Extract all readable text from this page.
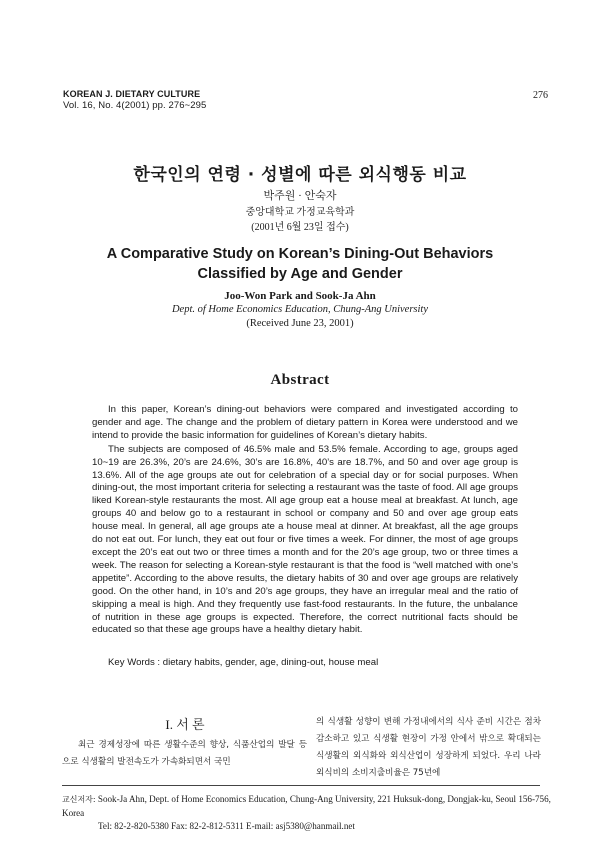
KOREAN J. DIETARY CULTURE
Vol. 16, No. 4(2001) pp. 276~295
276
한국인의 연령 · 성별에 따른 외식행동 비교
박주원 · 안숙자
중앙대학교 가정교육학과
(2001년 6월 23일 접수)
A Comparative Study on Korean’s Dining-Out Behaviors
Classified by Age and Gender
Joo-Won Park and Sook-Ja Ahn
Dept. of Home Economics Education, Chung-Ang University
(Received June 23, 2001)
Abstract

In this paper, Korean’s dining-out behaviors were compared and investigated according to gender and age. The change and the problem of dietary pattern in Korea were understood and we intend to provide the basic information for guidelines of Korean’s dietary habits.

The subjects are composed of 46.5% male and 53.5% female. According to age, groups aged 10~19 are 26.3%, 20’s are 24.6%, 30’s are 16.8%, 40’s are 18.7%, and 50 and over age group is 13.6%. All of the age groups ate out for celebration of a special day or for social purposes. When dining-out, the most important criteria for selecting a restaurant was the taste of food. All age groups liked Korean-style restaurants the most. All age group eat a house meal at breakfast. At lunch, age groups 40 and below go to a restaurant in school or company and 50 and over age group eats house meal. In general, all age groups ate a house meal at dinner. At breakfast, all the age groups do not eat out. For lunch, they eat out four or five times a week. For dinner, the most of age groups except the 20’s eat out two or three times a month and for the 20’s age group, two or three times a week. The reason for selecting a Korean-style restaurant is that the food is “well matched with one’s appetite”. According to the above results, the dietary habits of 30 and over age groups are relatively good. On the other hand, in 10’s and 20’s age groups, they have an irregular meal and the ratio of skipping a meal is high. And they frequently use fast-food restaurants. In the future, the unbalance of nutrition in these age groups is expected. Therefore, the correct nutritional facts should be educated so that these age groups have a healthy dietary habit.

Key Words : dietary habits, gender, age, dining-out, house meal
I. 서 론

최근 경제성장에 따른 생활수준의 향상, 식품산업의 발달 등으로 식생활의 발전속도가 가속화되면서 국민

의 식생활 성향이 변해 가정내에서의 식사 준비 시간은 점차 감소하고 있고 식생활 현장이 가정 안에서 밖으로 확대되는 식생활의 외식화와 외식산업이 성장하게 되었다. 우리 나라 외식비의 소비지출비율은 75년에

교신저자: Sook-Ja Ahn, Dept. of Home Economics Education, Chung-Ang University, 221 Huksuk-dong, Dongjak-ku, Seoul 156-756, Korea
Tel: 82-2-820-5380 Fax: 82-2-812-5311 E-mail: asj5380@hanmail.net
